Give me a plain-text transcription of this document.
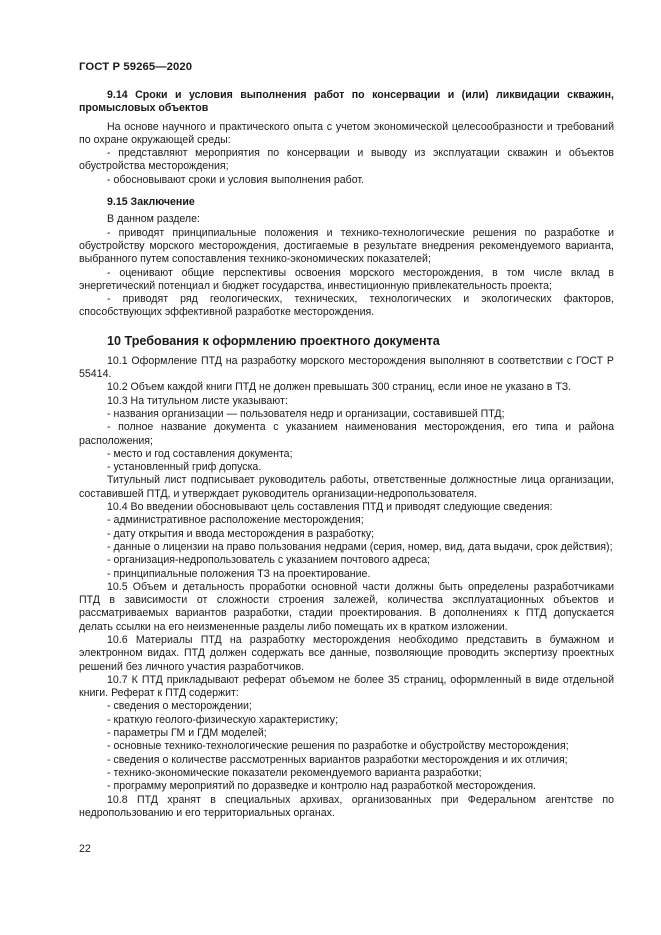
ГОСТ Р 59265—2020
9.14 Сроки и условия выполнения работ по консервации и (или) ликвидации скважин, промысловых объектов
На основе научного и практического опыта с учетом экономической целесообразности и требований по охране окружающей среды:
- представляют мероприятия по консервации и выводу из эксплуатации скважин и объектов обустройства месторождения;
- обосновывают сроки и условия выполнения работ.
9.15 Заключение
В данном разделе:
- приводят принципиальные положения и технико-технологические решения по разработке и обустройству морского месторождения, достигаемые в результате внедрения рекомендуемого варианта, выбранного путем сопоставления технико-экономических показателей;
- оценивают общие перспективы освоения морского месторождения, в том числе вклад в энергетический потенциал и бюджет государства, инвестиционную привлекательность проекта;
- приводят ряд геологических, технических, технологических и экологических факторов, способствующих эффективной разработке месторождения.
10 Требования к оформлению проектного документа
10.1 Оформление ПТД на разработку морского месторождения выполняют в соответствии с ГОСТ Р 55414.
10.2 Объем каждой книги ПТД не должен превышать 300 страниц, если иное не указано в ТЗ.
10.3 На титульном листе указывают:
- названия организации — пользователя недр и организации, составившей ПТД;
- полное название документа с указанием наименования месторождения, его типа и района расположения;
- место и год составления документа;
- установленный гриф допуска.
Титульный лист подписывает руководитель работы, ответственные должностные лица организации, составившей ПТД, и утверждает руководитель организации-недропользователя.
10.4 Во введении обосновывают цель составления ПТД и приводят следующие сведения:
- административное расположение месторождения;
- дату открытия и ввода месторождения в разработку;
- данные о лицензии на право пользования недрами (серия, номер, вид, дата выдачи, срок действия);
- организация-недропользователь с указанием почтового адреса;
- принципиальные положения ТЗ на проектирование.
10.5 Объем и детальность проработки основной части должны быть определены разработчиками ПТД в зависимости от сложности строения залежей, количества эксплуатационных объектов и рассматриваемых вариантов разработки, стадии проектирования. В дополнениях к ПТД допускается делать ссылки на его неизмененные разделы либо помещать их в кратком изложении.
10.6 Материалы ПТД на разработку месторождения необходимо представить в бумажном и электронном видах. ПТД должен содержать все данные, позволяющие проводить экспертизу проектных решений без личного участия разработчиков.
10.7 К ПТД прикладывают реферат объемом не более 35 страниц, оформленный в виде отдельной книги. Реферат к ПТД содержит:
- сведения о месторождении;
- краткую геолого-физическую характеристику;
- параметры ГМ и ГДМ моделей;
- основные технико-технологические решения по разработке и обустройству месторождения;
- сведения о количестве рассмотренных вариантов разработки месторождения и их отличия;
- технико-экономические показатели рекомендуемого варианта разработки;
- программу мероприятий по доразведке и контролю над разработкой месторождения.
10.8 ПТД хранят в специальных архивах, организованных при Федеральном агентстве по недропользованию и его территориальных органах.
22
